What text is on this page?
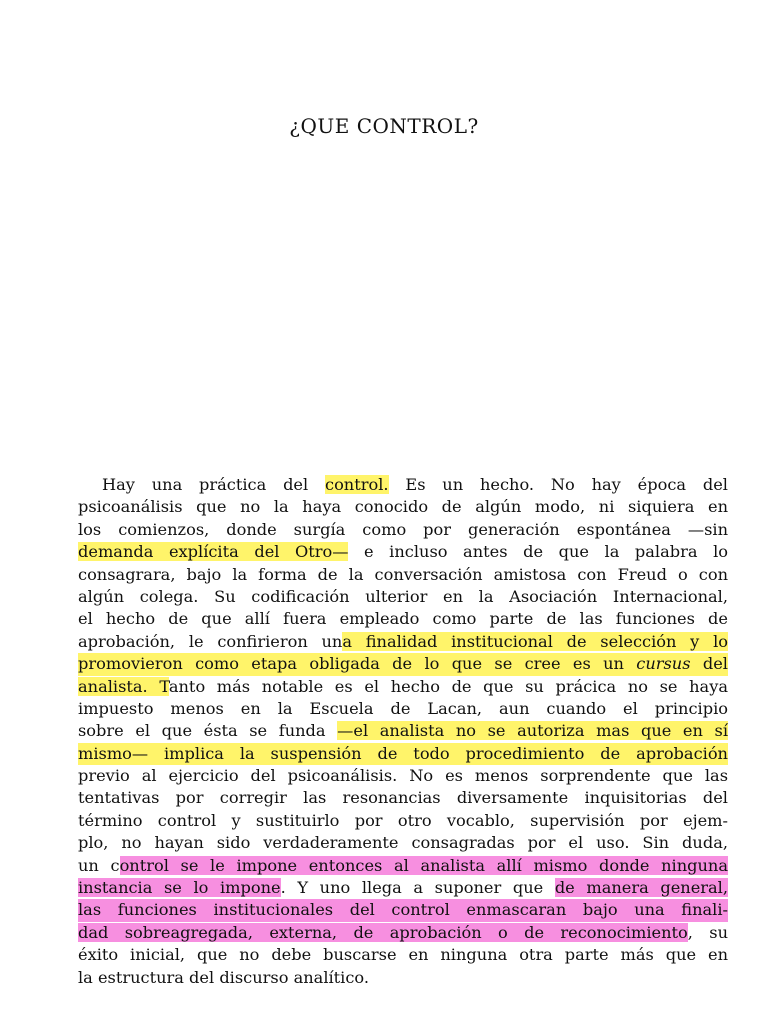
¿QUE CONTROL?
Hay una práctica del control. Es un hecho. No hay época del
psicoanálisis que no la haya conocido de algún modo, ni siquiera en
los comienzos, donde surgía como por generación espontánea —sin
demanda explícita del Otro— e incluso antes de que la palabra lo
consagrara, bajo la forma de la conversación amistosa con Freud o con
algún colega. Su codificación ulterior en la Asociación Internacional,
el hecho de que allí fuera empleado como parte de las funciones de
aprobación, le confirieron una finalidad institucional de selección y lo
promovieron como etapa obligada de lo que se cree es un cursus del
analista. Tanto más notable es el hecho de que su prácica no se haya
impuesto menos en la Escuela de Lacan, aun cuando el principio
sobre el que ésta se funda —el analista no se autoriza mas que en sí
mismo— implica la suspensión de todo procedimiento de aprobación
previo al ejercicio del psicoanálisis. No es menos sorprendente que las
tentativas por corregir las resonancias diversamente inquisitorias del
término control y sustituirlo por otro vocablo, supervisión por ejem-
plo, no hayan sido verdaderamente consagradas por el uso. Sin duda,
un control se le impone entonces al analista allí mismo donde ninguna
instancia se lo impone. Y uno llega a suponer que de manera general,
las funciones institucionales del control enmascaran bajo una finali-
dad sobreagregada, externa, de aprobación o de reconocimiento, su
éxito inicial, que no debe buscarse en ninguna otra parte más que en
la estructura del discurso analítico.
